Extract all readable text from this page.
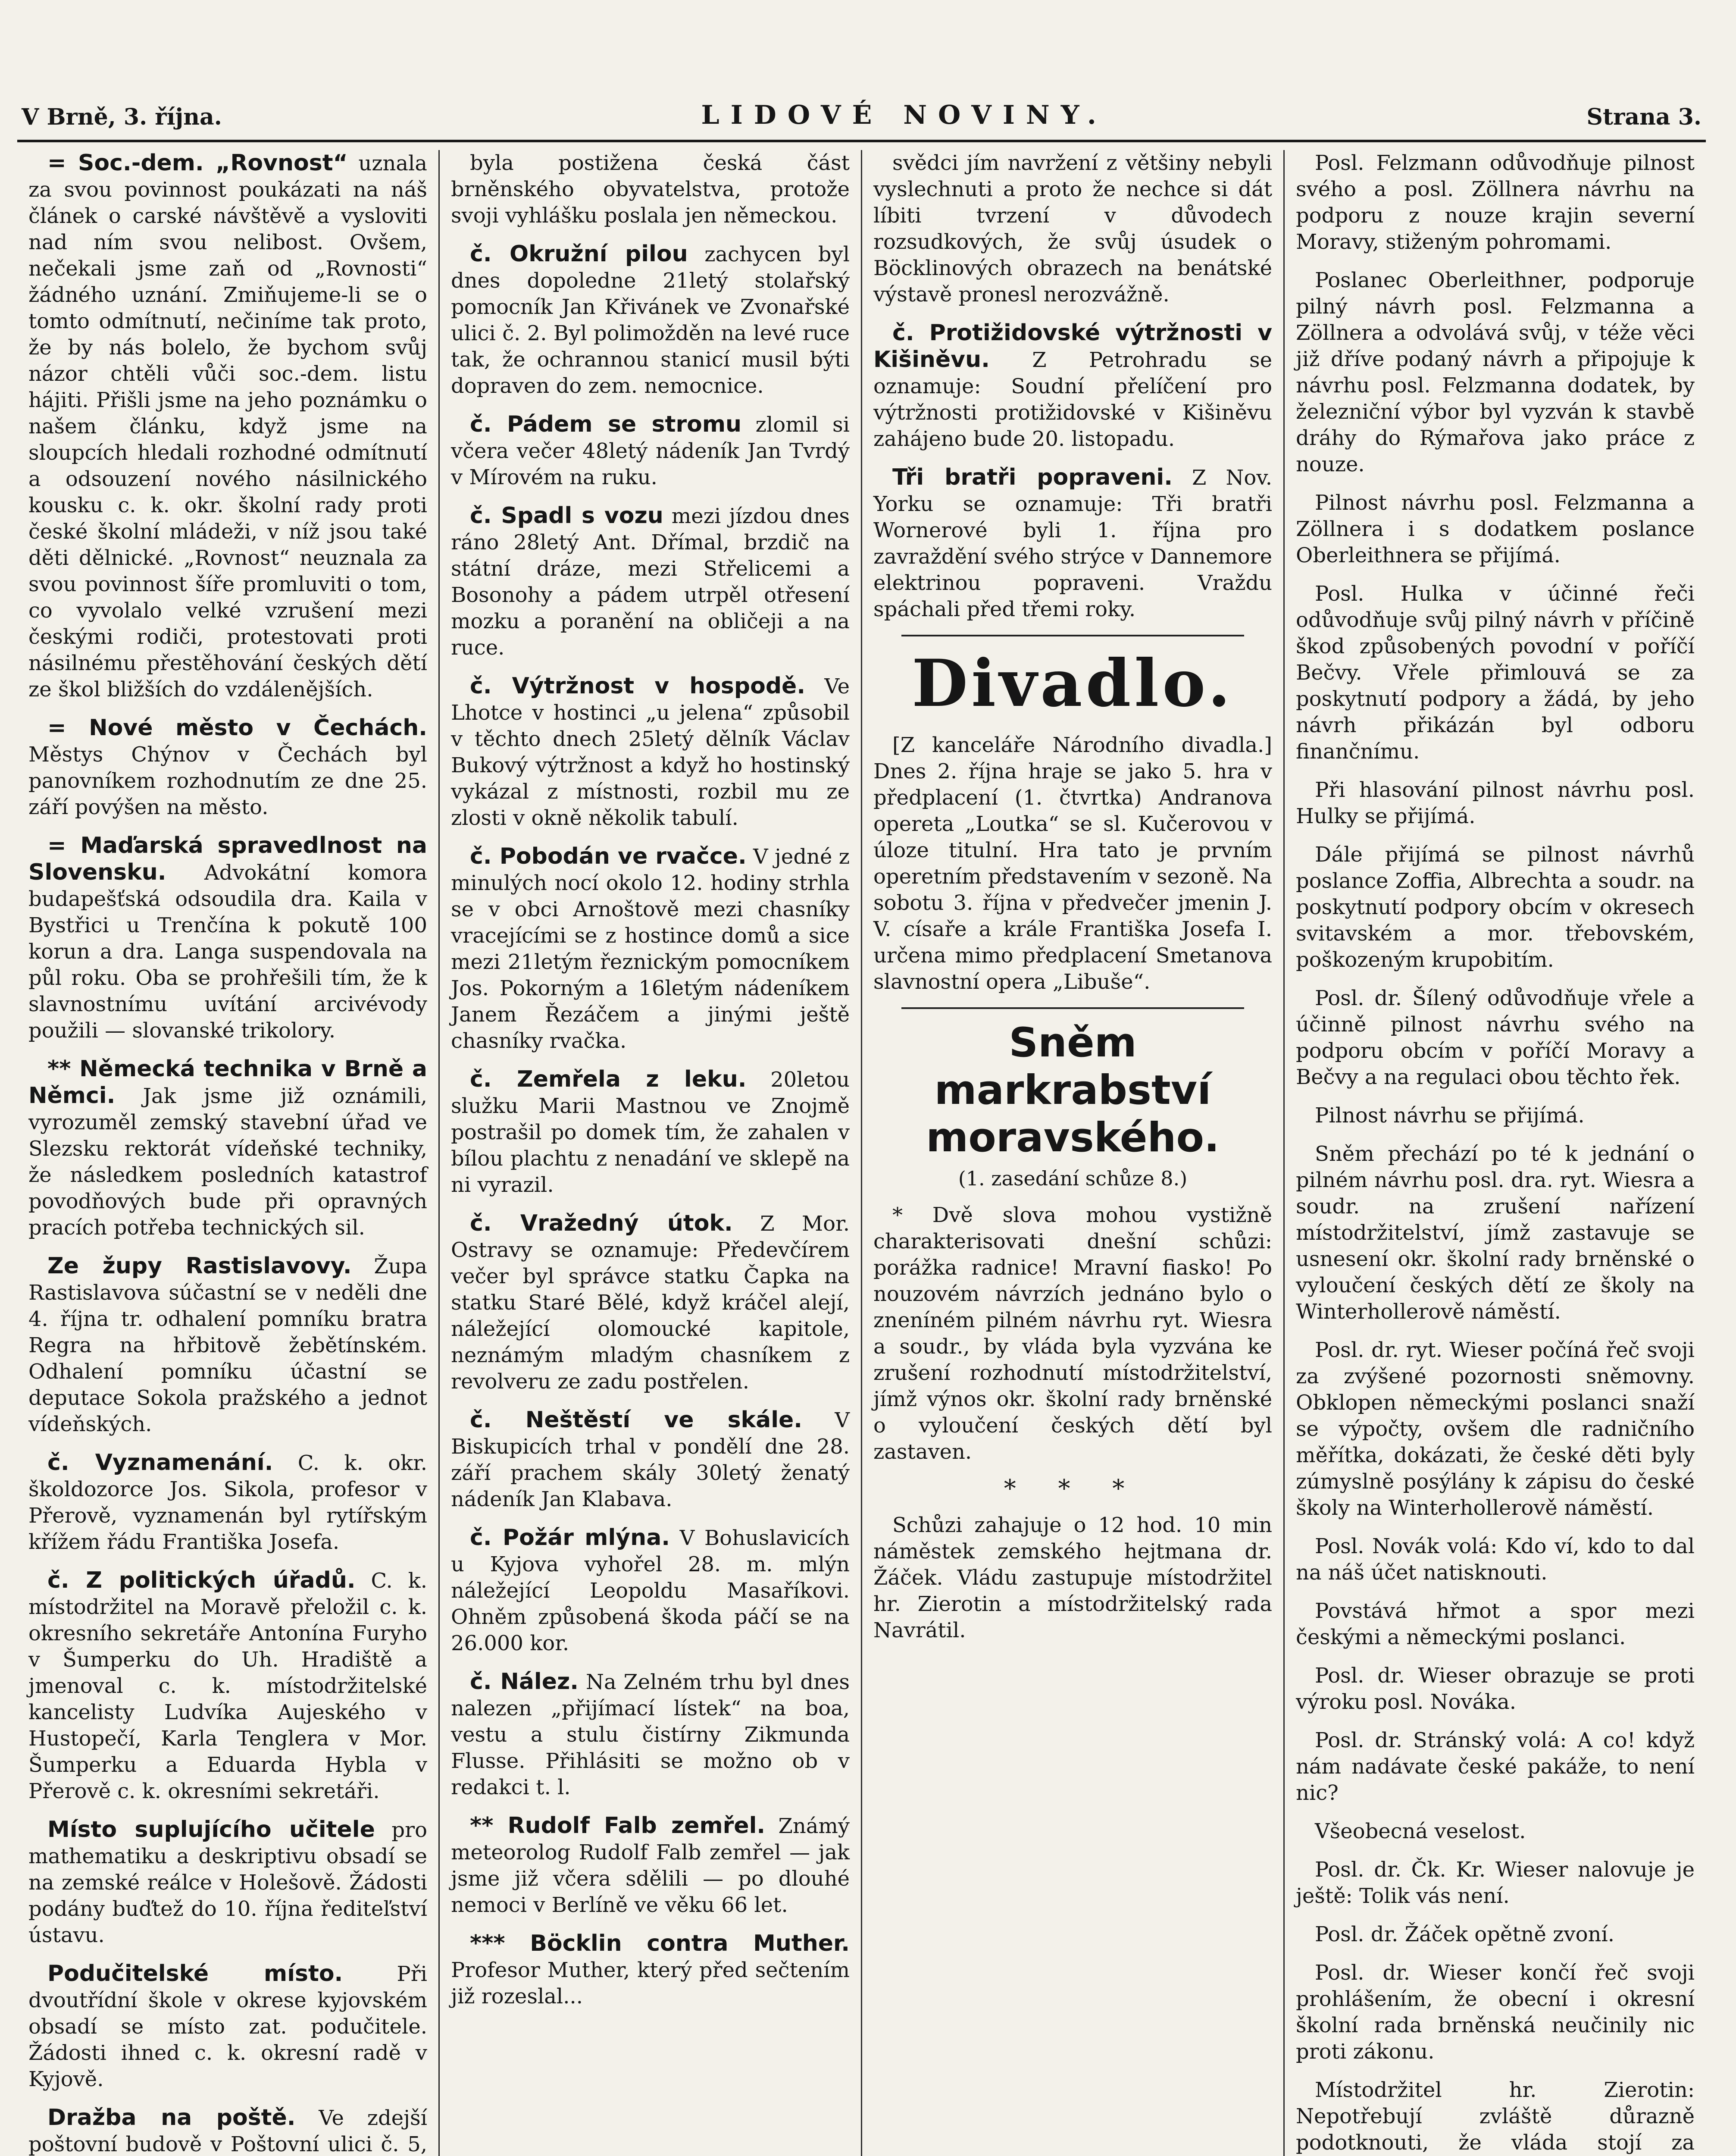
V Brně, 3. října.	LIDOVÉ NOVINY.	Strana 3.

= Soc.-dem. „Rovnost“ uznala za svou povinnost poukázati na náš článek o carské návštěvě a vysloviti nad ním svou nelibost. Ovšem, nečekali jsme zaň od „Rovnosti“ žádného uznání. Zmiňujeme-li se o tomto odmítnutí, nečiníme tak proto, že by nás bolelo, že bychom svůj názor chtěli vůči soc.-dem. listu hájiti. Přišli jsme na jeho poznámku o našem článku, když jsme na sloupcích hledali rozhodné odmítnutí a odsouzení nového násilnického kousku c. k. okr. školní rady proti české školní mládeži, v níž jsou také děti dělnické. „Rovnost“ neuznala za svou povinnost šíře promluviti o tom, co vyvolalo velké vzrušení mezi českými rodiči, protestovati proti násilnému přestěhování českých dětí ze škol bližších do vzdálenějších.

= Nové město v Čechách. Městys Chýnov v Čechách byl panovníkem rozhodnutím ze dne 25. září povýšen na město.

= Maďarská spravedlnost na Slovensku. Advokátní komora budapešťská odsoudila dra. Kaila v Bystřici u Trenčína k pokutě 100 korun a dra. Langa suspendovala na půl roku. Oba se prohřešili tím, že k slavnostnímu uvítání arcivévody použili — slovanské trikolory.

** Německá technika v Brně a Němci. Jak jsme již oznámili, vyrozuměl zemský stavební úřad ve Slezsku rektorát vídeňské techniky, že následkem posledních katastrof povodňových bude při opravných pracích potřeba technických sil.

Ze župy Rastislavovy. Župa Rastislavova súčastní se v neděli dne 4. října tr. odhalení pomníku bratra Regra na hřbitově žebětínském. Odhalení pomníku účastní se deputace Sokola pražského a jednot vídeňských.

č. Vyznamenání. C. k. okr. školdozorce Jos. Sikola, profesor v Přerově, vyznamenán byl rytířským křížem řádu Františka Josefa.

č. Z politických úřadů. C. k. místodržitel na Moravě přeložil c. k. okresního sekretáře Antonína Furyho v Šumperku do Uh. Hradiště a jmenoval c. k. místodržitelské kancelisty Ludvíka Aujeského v Hustopečí, Karla Tenglera v Mor. Šumperku a Eduarda Hybla v Přerově c. k. okresními sekretáři.

Místo suplujícího učitele pro mathematiku a deskriptivu obsadí se na zemské reálce v Holešově. Žádosti podány buďtež do 10. října řediteľství ústavu.

Podučitelské místo.	Při dvoutřídní škole v okrese kyjovském obsadí se místo zat. podučitele. Žádosti ihned c. k. okresní radě v Kyjově.

Dražba na poště. Ve zdejší poštovní budově v Poštovní ulici č. 5,

byla postižena česká část brněnského obyvatelstva, protože svoji vyhlášku poslala jen německou.

č. Okružní pilou zachycen byl dnes dopoledne 21letý stolařský pomocník Jan Křivánek ve Zvonařské ulici č. 2. Byl polimožděn na levé ruce tak, že ochrannou stanicí musil býti dopraven do zem. nemocnice.

č. Pádem se stromu zlomil si včera večer 48letý nádeník Jan Tvrdý v Mírovém na ruku.

č. Spadl s vozu mezi jízdou dnes ráno 28letý Ant. Dřímal, brzdič na státní dráze, mezi Střelicemi a Bosonohy a pádem utrpěl otřesení mozku a poranění na obličeji a na ruce.

č. Výtržnost v hospodě. Ve Lhotce v hostinci „u jelena“ způsobil v těchto dnech 25letý dělník Václav Bukový výtržnost a když ho hostinský vykázal z místnosti, rozbil mu ze zlosti v okně několik tabulí.

č. Pobodán ve rvačce. V jedné z minulých nocí okolo 12. hodiny strhla se v obci Arnoštově mezi chasníky vracejícími se z hostince domů a sice mezi 21letým řeznickým pomocníkem Jos. Pokorným a 16letým nádeníkem Janem Řezáčem a jinými ještě chasníky rvačka.

č. Zemřela z leku. 20letou služku Marii Mastnou ve Znojmě postrašil po domek tím, že zahalen v bílou plachtu z nenadání ve sklepě na ni vyrazil.

č. Vražedný útok. Z Mor. Ostravy se oznamuje: Předevčírem večer byl správce statku Čapka na statku Staré Bělé, když kráčel alejí, náležející olomoucké kapitole, neznámým mladým chasníkem z revolveru ze zadu postřelen.

č. Neštěstí ve skále. V Biskupicích trhal v pondělí dne 28. září prachem skály 30letý ženatý nádeník Jan Klabava.

č. Požár mlýna. V Bohuslavicích u Kyjova vyhořel 28. m. mlýn náležející Leopoldu Masaříkovi. Ohněm způsobená škoda páčí se na 26.000 kor.

č. Nález. Na Zelném trhu byl dnes nalezen „přijímací lístek“ na boa, vestu a stulu čistírny Zikmunda Flusse. Přihlásiti se možno ob v redakci t. l.

** Rudolf Falb zemřel. Známý meteorolog Rudolf Falb zemřel — jak jsme již včera sdělili — po dlouhé nemoci v Berlíně ve věku 66 let.

*** Böcklin contra Muther. Profesor Muther, který před sečtením již rozeslal...

svědci jím navržení z většiny nebyli vyslechnuti a proto že nechce si dát líbiti tvrzení v důvodech rozsudkových, že svůj úsudek o Böcklinových obrazech na benátské výstavě pronesl nerozvážně.

č. Protižidovské výtržnosti v Kišiněvu. Z Petrohradu se oznamuje: Soudní přelíčení pro výtržnosti protižidovské v Kišiněvu zahájeno bude 20. listopadu.

Tři bratři popraveni. Z Nov. Yorku se oznamuje: Tři bratři Wornerové byli 1. října pro zavraždění svého strýce v Dannemore elektrinou popraveni. Vraždu spáchali před třemi roky.

Divadlo.

[Z kanceláře Národního divadla.] Dnes 2. října hraje se jako 5. hra v předplacení (1. čtvrtka) Andranova opereta „Loutka“ se sl. Kučerovou v úloze titulní. Hra tato je prvním operetním představením v sezoně. Na sobotu 3. října v předvečer jmenin J. V. císaře a krále Františka Josefa I. určena mimo předplacení Smetanova slavnostní opera „Libuše“.

Sněm markrabství moravského.
(1. zasedání schůze 8.)

* Dvě slova mohou vystižně charakterisovati dnešní schůzi: porážka radnice! Mravní fiasko! Po nouzovém návrzích jednáno bylo o zneníném pilném návrhu ryt. Wiesra a soudr., by vláda byla vyzvána ke zrušení rozhodnutí místodržitelství, jímž výnos okr. školní rady brněnské o vyloučení českých dětí byl zastaven.

* * *

Schůzi zahajuje o 12 hod. 10 min náměstek zemského hejtmana dr. Žáček. Vládu zastupuje místodržitel hr. Zierotin a místodržitelský rada Navrátil.

Posl. Felzmann odůvodňuje pilnost svého a posl. Zöllnera návrhu na podporu z nouze krajin severní Moravy, stiženým pohromami.

Poslanec Oberleithner, podporuje pilný návrh posl. Felzmanna a Zöllnera a odvolává svůj, v téže věci již dříve podaný návrh a připojuje k návrhu posl. Felzmanna dodatek, by železniční výbor byl vyzván k stavbě dráhy do Rýmařova jako práce z nouze.

Pilnost návrhu posl. Felzmanna a Zöllnera i s dodatkem poslance Oberleithnera se přijímá.

Posl. Hulka v účinné řeči odůvodňuje svůj pilný návrh v příčině škod způsobených povodní v poříčí Bečvy. Vřele přimlouvá se za poskytnutí podpory a žádá, by jeho návrh přikázán byl odboru finančnímu.

Při hlasování pilnost návrhu posl. Hulky se přijímá.

Dále přijímá se pilnost návrhů poslance Zoffia, Albrechta a soudr. na poskytnutí podpory obcím v okresech svitavském a mor. třebovském, poškozeným krupobitím.

Posl. dr. Šílený odůvodňuje vřele a účinně pilnost návrhu svého na podporu obcím v poříčí Moravy a Bečvy a na regulaci obou těchto řek.

Pilnost návrhu se přijímá.

Sněm přechází po té k jednání o pilném návrhu posl. dra. ryt. Wiesra a soudr. na zrušení nařízení místodržitelství, jímž zastavuje se usnesení okr. školní rady brněnské o vyloučení českých dětí ze školy na Winterhollerově náměstí.

Posl. dr. ryt. Wieser počíná řeč svoji za zvýšené pozornosti sněmovny. Obklopen německými poslanci snaží se výpočty, ovšem dle radničního měřítka, dokázati, že české děti byly zúmyslně posýlány k zápisu do české školy na Winterhollerově náměstí.

Posl. Novák volá: Kdo ví, kdo to dal na náš účet natisknouti.

Povstává hřmot a spor mezi českými a německými poslanci.

Posl. dr. Wieser obrazuje se proti výroku posl. Nováka.

Posl. dr. Stránský volá: A co! když nám nadávate české pakáže, to není nic?

Všeobecná veselost.

Posl. dr. Čk. Kr. Wieser nalovuje je ještě: Tolik vás není.

Posl. dr. Žáček opětně zvoní.

Posl. dr. Wieser končí řeč svoji prohlášením, že obecní i okresní školní rada brněnská neučinily nic proti zákonu.

Místodržitel hr. Zierotin: Nepotřebují zvláště důrazně podotknouti, že vláda stojí za
